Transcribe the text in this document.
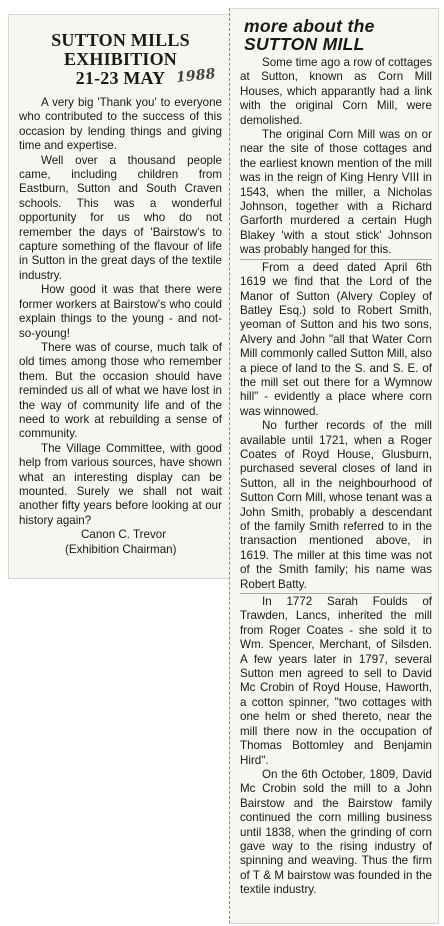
SUTTON MILLS
EXHIBITION
21-23 MAY 1988

A very big 'Thank you' to everyone who contributed to the success of this occasion by lending things and giving time and expertise.

Well over a thousand people came, including children from Eastburn, Sutton and South Craven schools. This was a wonderful opportunity for us who do not remember the days of 'Bairstow's to capture something of the flavour of life in Sutton in the great days of the textile industry.

How good it was that there were former workers at Bairstow's who could explain things to the young - and not-so-young!

There was of course, much talk of old times among those who remember them. But the occasion should have reminded us all of what we have lost in the way of community life and of the need to work at rebuilding a sense of community.

The Village Committee, with good help from various sources, have shown what an interesting display can be mounted. Surely we shall not wait another fifty years before looking at our history again?

Canon C. Trevor
(Exhibition Chairman)
more about the
SUTTON MILL

Some time ago a row of cottages at Sutton, known as Corn Mill Houses, which apparantly had a link with the original Corn Mill, were demolished.

The original Corn Mill was on or near the site of those cottages and the earliest known mention of the mill was in the reign of King Henry VIII in 1543, when the miller, a Nicholas Johnson, together with a Richard Garforth murdered a certain Hugh Blakey 'with a stout stick' Johnson was probably hanged for this.

From a deed dated April 6th 1619 we find that the Lord of the Manor of Sutton (Alvery Copley of Batley Esq.) sold to Robert Smith, yeoman of Sutton and his two sons, Alvery and John "all that Water Corn Mill commonly called Sutton Mill, also a piece of land to the S. and S. E. of the mill set out there for a Wymnow hill" - evidently a place where corn was winnowed.

No further records of the mill available until 1721, when a Roger Coates of Royd House, Glusburn, purchased several closes of land in Sutton, all in the neighbourhood of Sutton Corn Mill, whose tenant was a John Smith, probably a descendant of the family Smith referred to in the transaction mentioned above, in 1619. The miller at this time was not of the Smith family; his name was Robert Batty.

In 1772 Sarah Foulds of Trawden, Lancs, inherited the mill from Roger Coates - she sold it to Wm. Spencer, Merchant, of Silsden. A few years later in 1797, several Sutton men agreed to sell to David Mc Crobin of Royd House, Haworth, a cotton spinner, "two cottages with one helm or shed thereto, near the mill there now in the occupation of Thomas Bottomley and Benjamin Hird".

On the 6th October, 1809, David Mc Crobin sold the mill to a John Bairstow and the Bairstow family continued the corn milling business until 1838, when the grinding of corn gave way to the rising industry of spinning and weaving. Thus the firm of T & M bairstow was founded in the textile industry.
